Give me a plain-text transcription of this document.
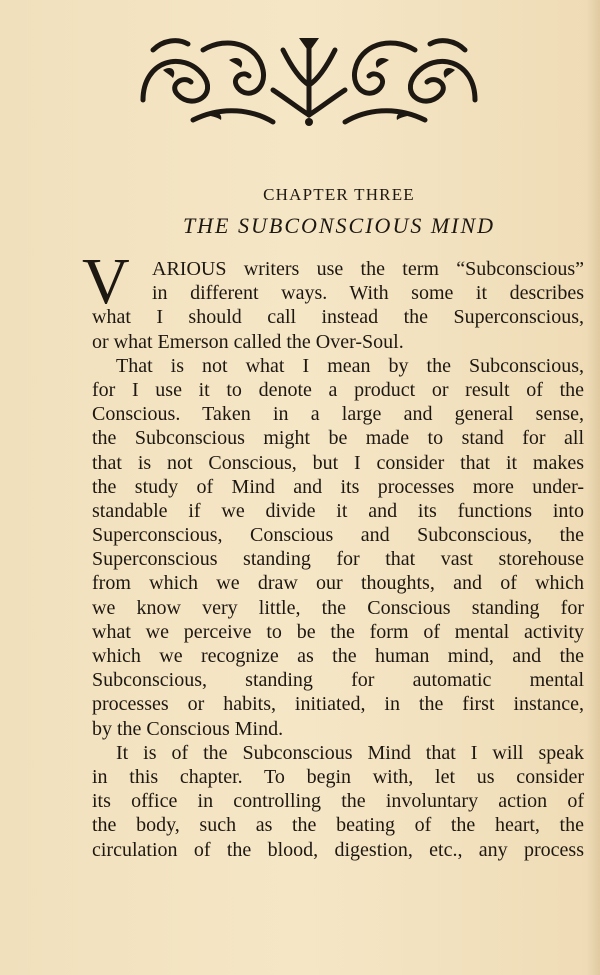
CHAPTER THREE
THE SUBCONSCIOUS MIND
V	ARIOUS writers use the term “Subconscious”
in different ways. With some it describes
what I should call instead the Superconscious,
or what Emerson called the Over-Soul.
That is not what I mean by the Subconscious,
for I use it to denote a product or result of the
Conscious. Taken in a large and general sense,
the Subconscious might be made to stand for all
that is not Conscious, but I consider that it makes
the study of Mind and its processes more under-
standable if we divide it and its functions into
Superconscious, Conscious and Subconscious, the
Superconscious standing for that vast storehouse
from which we draw our thoughts, and of which
we know very little, the Conscious standing for
what we perceive to be the form of mental activity
which we recognize as the human mind, and the
Subconscious, standing for automatic mental
processes or habits, initiated, in the first instance,
by the Conscious Mind.
It is of the Subconscious Mind that I will speak
in this chapter. To begin with, let us consider
its office in controlling the involuntary action of
the body, such as the beating of the heart, the
circulation of the blood, digestion, etc., any process
